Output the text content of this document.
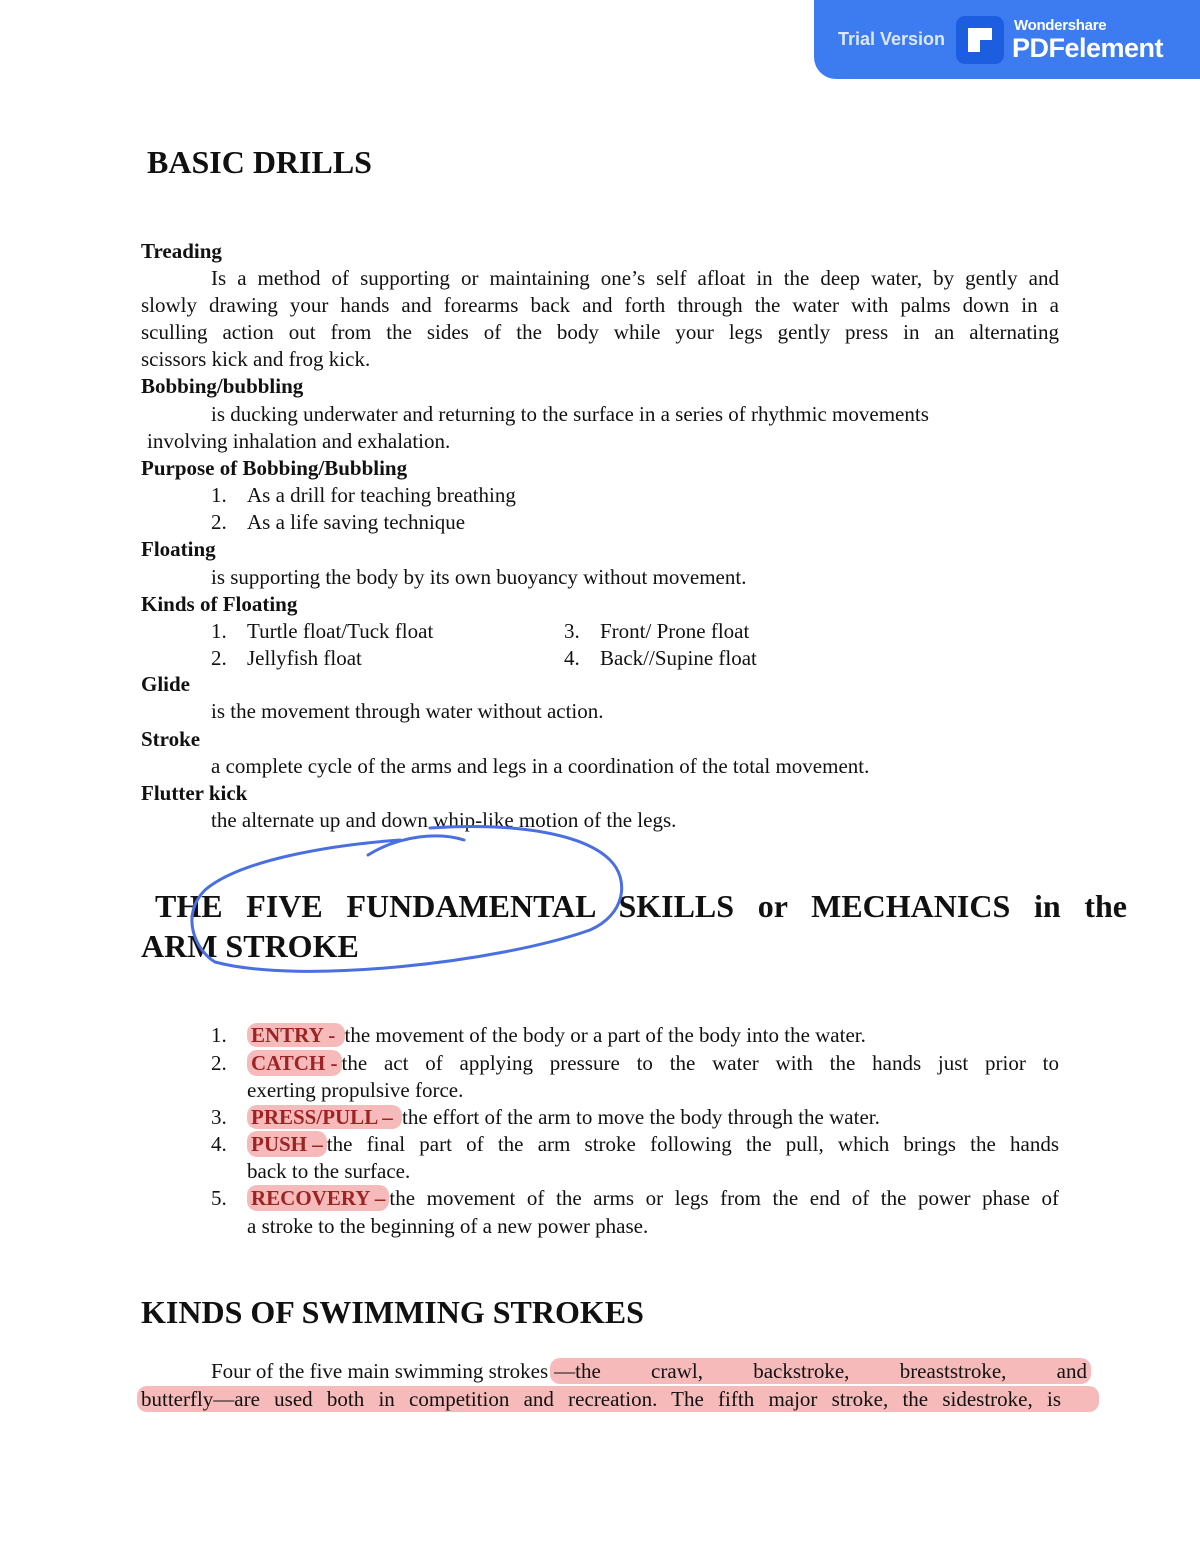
Trial Version
Wondershare
PDFelement
BASIC DRILLS
Treading
Is a method of supporting or maintaining one’s self afloat in the deep water, by gently and
slowly drawing your hands and forearms back and forth through the water with palms down in a
sculling action out from the sides of the body while your legs gently press in an alternating
scissors kick and frog kick.
Bobbing/bubbling
is ducking underwater and returning to the surface in a series of rhythmic movements
involving inhalation and exhalation.
Purpose of Bobbing/Bubbling
1. As a drill for teaching breathing
2. As a life saving technique
Floating
is supporting the body by its own buoyancy without movement.
Kinds of Floating
1. Turtle float/Tuck float
2. Jellyfish float
3. Front/ Prone float
4. Back//Supine float
Glide
is the movement through water without action.
Stroke
a complete cycle of the arms and legs in a coordination of the total movement.
Flutter kick
the alternate up and down whip-like motion of the legs.
THE FIVE FUNDAMENTAL SKILLS or MECHANICS in the
ARM STROKE
1. ENTRY - the movement of the body or a part of the body into the water.
2.	CATCH - the act of applying pressure to the water with the hands just prior to
exerting propulsive force.
3. PRESS/PULL – the effort of the arm to move the body through the water.
4.	PUSH – the final part of the arm stroke following the pull, which brings the hands
back to the surface.
5.	RECOVERY – the movement of the arms or legs from the end of the power phase of
a stroke to the beginning of a new power phase.
KINDS OF SWIMMING STROKES
Four of the five main swimming strokes —the crawl, backstroke, breaststroke, and
butterfly—are used both in competition and recreation. The fifth major stroke, the sidestroke, is
